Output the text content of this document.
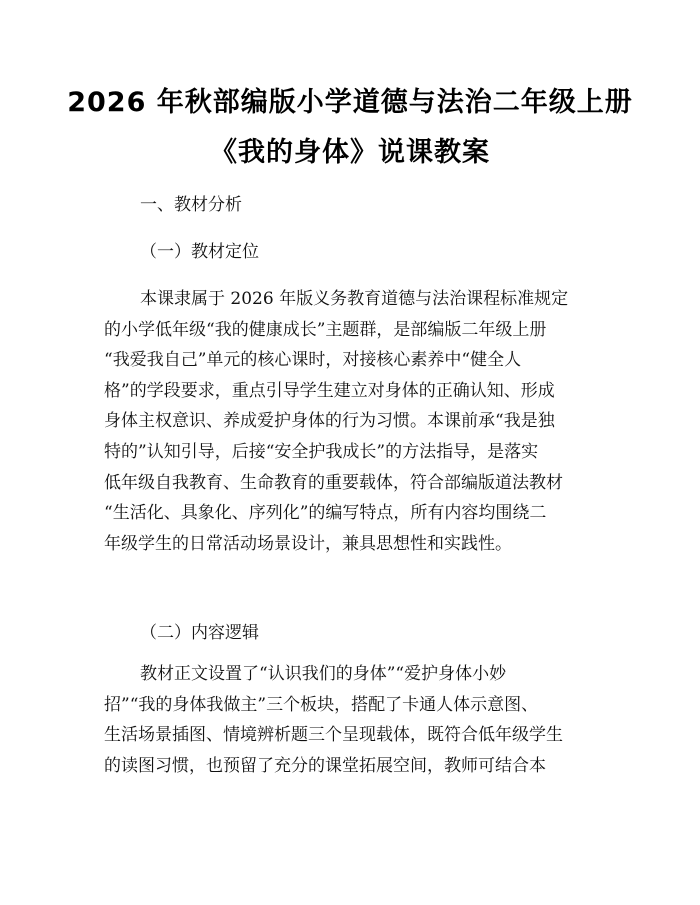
2026 年秋部编版小学道德与法治二年级上册
《我的身体》说课教案
一、教材分析
（一）教材定位
本课隶属于 2026 年版义务教育道德与法治课程标准规定
的小学低年级“我的健康成长”主题群，是部编版二年级上册
“我爱我自己”单元的核心课时，对接核心素养中“健全人
格”的学段要求，重点引导学生建立对身体的正确认知、形成
身体主权意识、养成爱护身体的行为习惯。本课前承“我是独
特的”认知引导，后接“安全护我成长”的方法指导，是落实
低年级自我教育、生命教育的重要载体，符合部编版道法教材
“生活化、具象化、序列化”的编写特点，所有内容均围绕二
年级学生的日常活动场景设计，兼具思想性和实践性。
（二）内容逻辑
教材正文设置了“认识我们的身体”“爱护身体小妙
招”“我的身体我做主”三个板块，搭配了卡通人体示意图、
生活场景插图、情境辨析题三个呈现载体，既符合低年级学生
的读图习惯，也预留了充分的课堂拓展空间，教师可结合本
